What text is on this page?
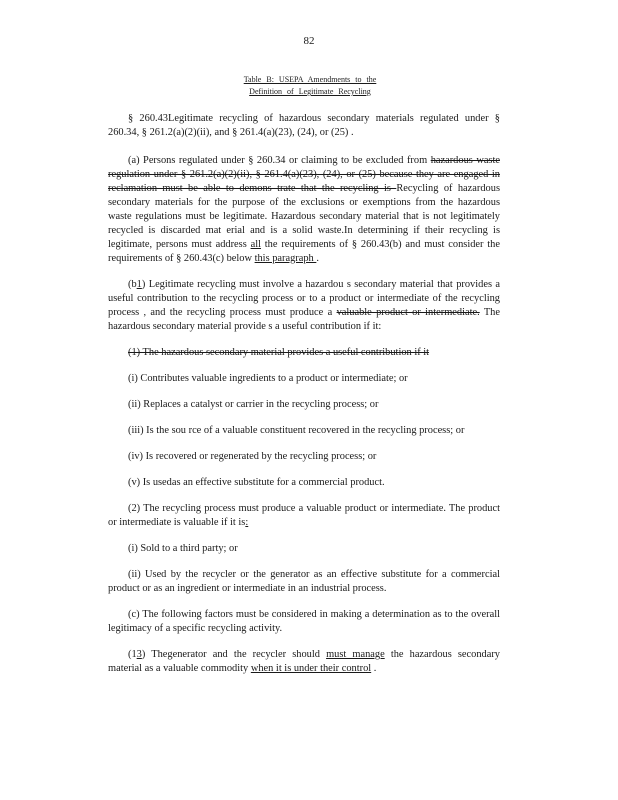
82
Table B: USEPA Amendments to the
Definition of Legitimate Recycling

§ 260.43Legitimate recycling of hazardous secondary materials regulated under § 260.34, § 261.2(a)(2)(ii), and § 261.4(a)(23), (24), or (25) .

(a) Persons regulated under § 260.34 or claiming to be excluded from hazardous waste regulation under § 261.2(a)(2)(ii), § 261.4(a)(23), (24), or (25) because they are engaged in reclamation must be able to demons trate that the recycling is Recycling of hazardous secondary materials for the purpose of the exclusions or exemptions from the hazardous waste regulations must be legitimate. Hazardous secondary material that is not legitimately recycled is discarded mat erial and is a solid waste.In determining if their recycling is legitimate, persons must address all the requirements of § 260.43(b) and must consider the requirements of § 260.43(c) below this paragraph .

(b1) Legitimate recycling must involve a hazardou s secondary material that provides a useful contribution to the recycling process or to a product or intermediate of the recycling process , and the recycling process must produce a valuable product or intermediate. The hazardous secondary material provide s a useful contribution if it:

(1) The hazardous secondary material provides a useful contribution if it

(i) Contributes valuable ingredients to a product or intermediate; or

(ii) Replaces a catalyst or carrier in the recycling process; or

(iii) Is the sou rce of a valuable constituent recovered in the recycling process; or

(iv) Is recovered or regenerated by the recycling process; or

(v) Is usedas an effective substitute for a commercial product.

(2) The recycling process must produce a valuable product or intermediate. The product or intermediate is valuable if it is:

(i) Sold to a third party; or

(ii) Used by the recycler or the generator as an effective substitute for a commercial product or as an ingredient or intermediate in an industrial process.

(c) The following factors must be considered in making a determination as to the overall legitimacy of a specific recycling activity.

(13) Thegenerator and the recycler should must manage the hazardous secondary material as a valuable commodity when it is under their control .
